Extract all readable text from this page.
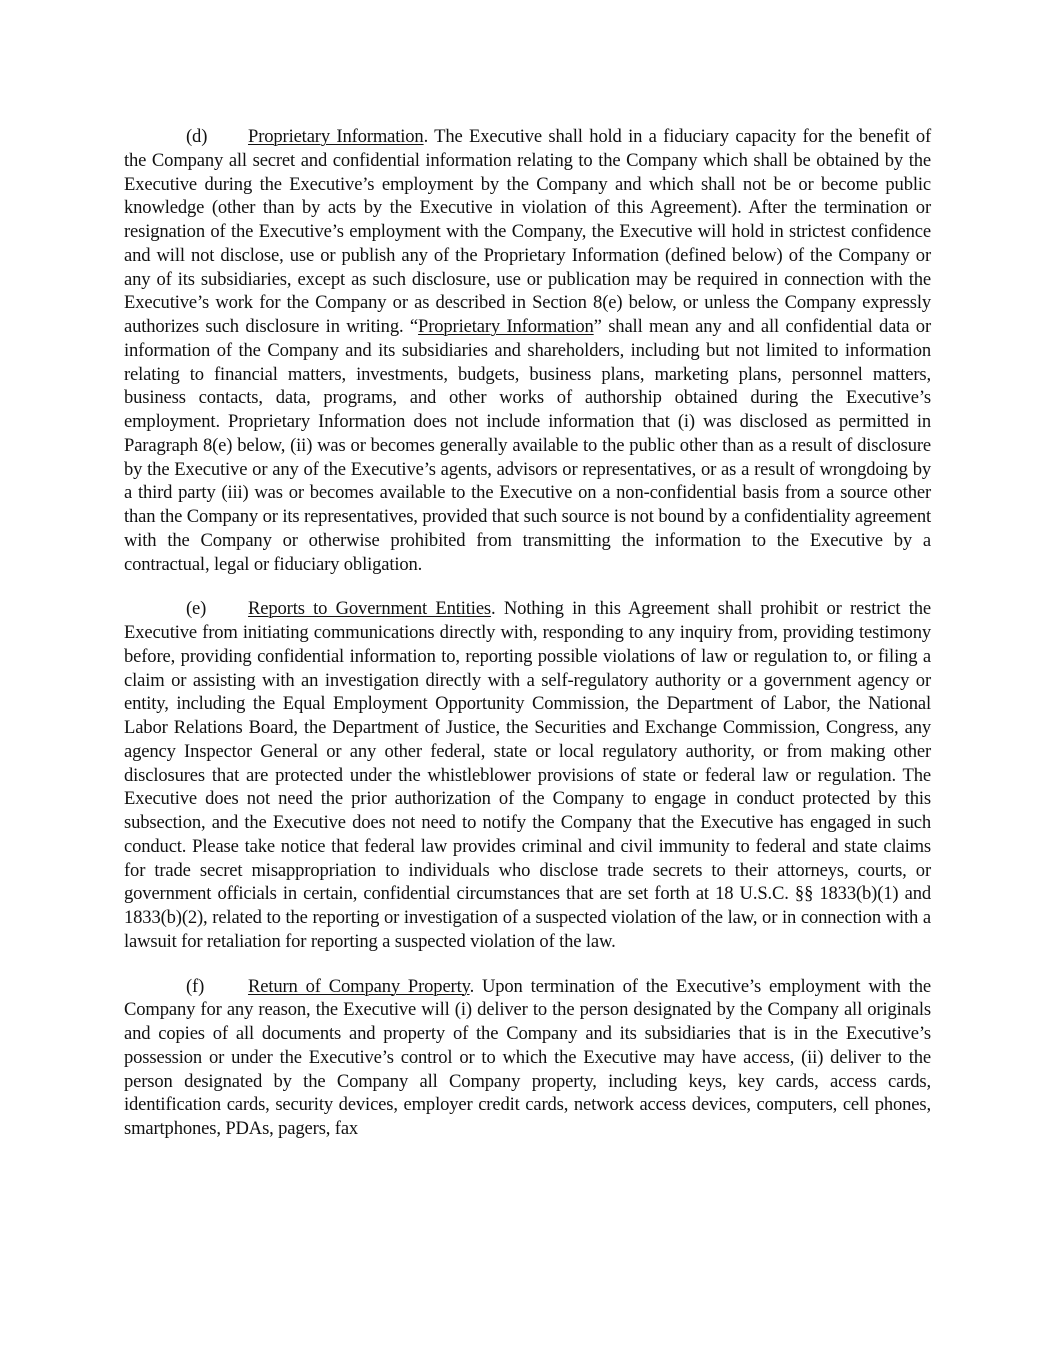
(d) Proprietary Information. The Executive shall hold in a fiduciary capacity for the benefit of the Company all secret and confidential information relating to the Company which shall be obtained by the Executive during the Executive’s employment by the Company and which shall not be or become public knowledge (other than by acts by the Executive in violation of this Agreement). After the termination or resignation of the Executive’s employment with the Company, the Executive will hold in strictest confidence and will not disclose, use or publish any of the Proprietary Information (defined below) of the Company or any of its subsidiaries, except as such disclosure, use or publication may be required in connection with the Executive’s work for the Company or as described in Section 8(e) below, or unless the Company expressly authorizes such disclosure in writing. “Proprietary Information” shall mean any and all confidential data or information of the Company and its subsidiaries and shareholders, including but not limited to information relating to financial matters, investments, budgets, business plans, marketing plans, personnel matters, business contacts, data, programs, and other works of authorship obtained during the Executive’s employment. Proprietary Information does not include information that (i) was disclosed as permitted in Paragraph 8(e) below, (ii) was or becomes generally available to the public other than as a result of disclosure by the Executive or any of the Executive’s agents, advisors or representatives, or as a result of wrongdoing by a third party (iii) was or becomes available to the Executive on a non-confidential basis from a source other than the Company or its representatives, provided that such source is not bound by a confidentiality agreement with the Company or otherwise prohibited from transmitting the information to the Executive by a contractual, legal or fiduciary obligation.

(e) Reports to Government Entities. Nothing in this Agreement shall prohibit or restrict the Executive from initiating communications directly with, responding to any inquiry from, providing testimony before, providing confidential information to, reporting possible violations of law or regulation to, or filing a claim or assisting with an investigation directly with a self-regulatory authority or a government agency or entity, including the Equal Employment Opportunity Commission, the Department of Labor, the National Labor Relations Board, the Department of Justice, the Securities and Exchange Commission, Congress, any agency Inspector General or any other federal, state or local regulatory authority, or from making other disclosures that are protected under the whistleblower provisions of state or federal law or regulation. The Executive does not need the prior authorization of the Company to engage in conduct protected by this subsection, and the Executive does not need to notify the Company that the Executive has engaged in such conduct. Please take notice that federal law provides criminal and civil immunity to federal and state claims for trade secret misappropriation to individuals who disclose trade secrets to their attorneys, courts, or government officials in certain, confidential circumstances that are set forth at 18 U.S.C. §§ 1833(b)(1) and 1833(b)(2), related to the reporting or investigation of a suspected violation of the law, or in connection with a lawsuit for retaliation for reporting a suspected violation of the law.

(f) Return of Company Property. Upon termination of the Executive’s employment with the Company for any reason, the Executive will (i) deliver to the person designated by the Company all originals and copies of all documents and property of the Company and its subsidiaries that is in the Executive’s possession or under the Executive’s control or to which the Executive may have access, (ii) deliver to the person designated by the Company all Company property, including keys, key cards, access cards, identification cards, security devices, employer credit cards, network access devices, computers, cell phones, smartphones, PDAs, pagers, fax
